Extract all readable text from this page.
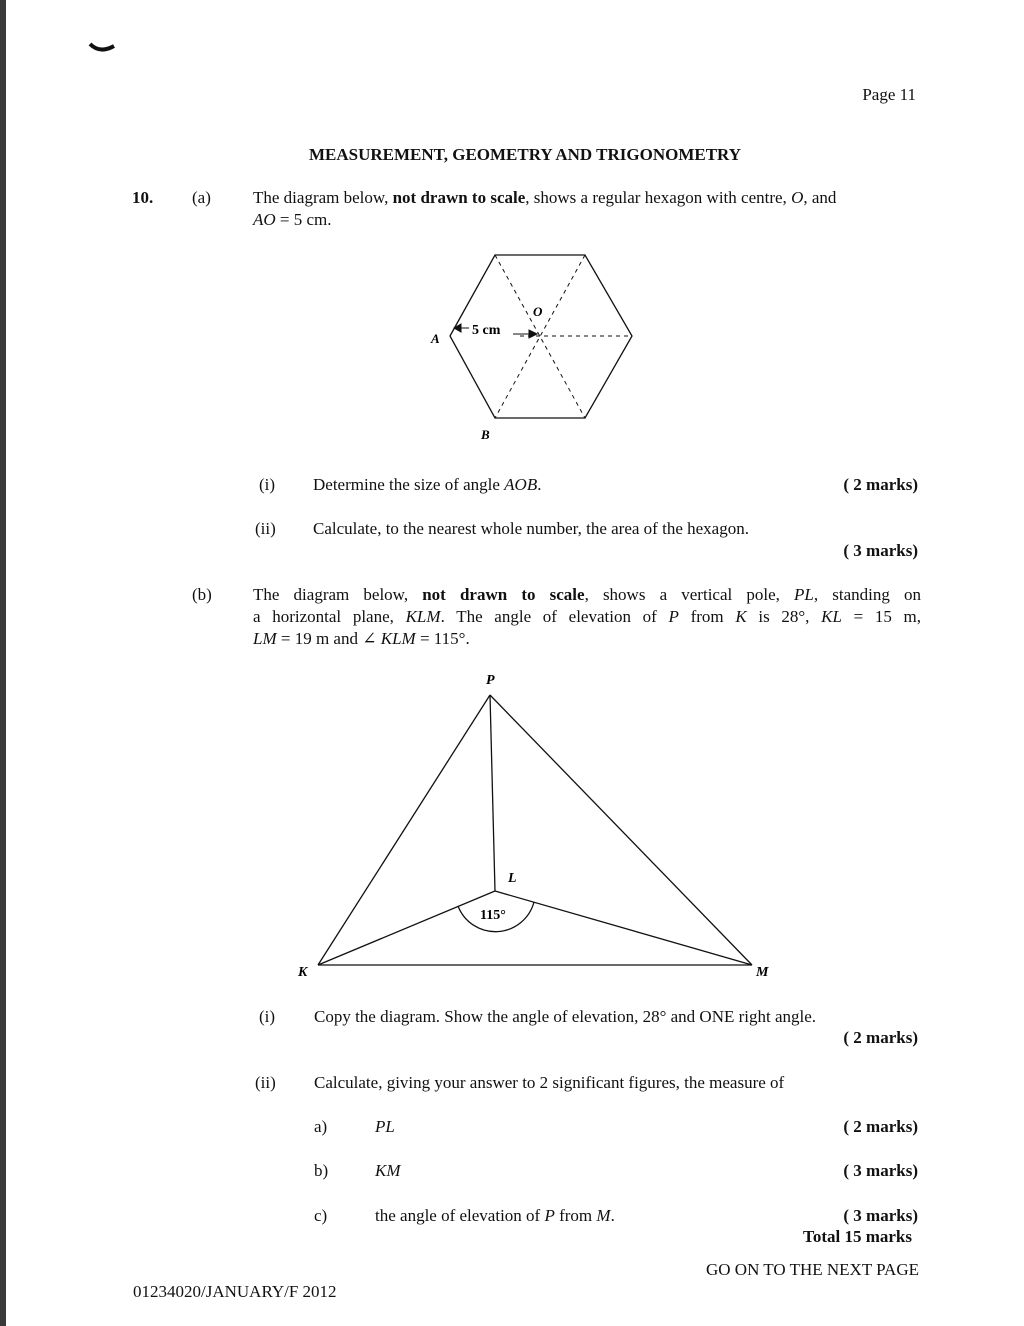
Page 11
MEASUREMENT, GEOMETRY AND TRIGONOMETRY
10. (a) The diagram below, not drawn to scale, shows a regular hexagon with centre, O, and
AO = 5 cm.
5 cm
A
O
B
(i) Determine the size of angle AOB.	( 2 marks)
(ii) Calculate, to the nearest whole number, the area of the hexagon.
( 3 marks)
(b) The diagram below, not drawn to scale, shows a vertical pole, PL, standing on
a horizontal plane, KLM. The angle of elevation of P from K is 28°, KL = 15 m,
LM = 19 m and ∠ KLM = 115°.
P
L
K	M
115°
(i) Copy the diagram. Show the angle of elevation, 28° and ONE right angle.
( 2 marks)
(ii) Calculate, giving your answer to 2 significant figures, the measure of
a)	PL	( 2 marks)
b)	KM	( 3 marks)
c)	the angle of elevation of P from M.	( 3 marks)
Total 15 marks
GO ON TO THE NEXT PAGE
01234020/JANUARY/F 2012
